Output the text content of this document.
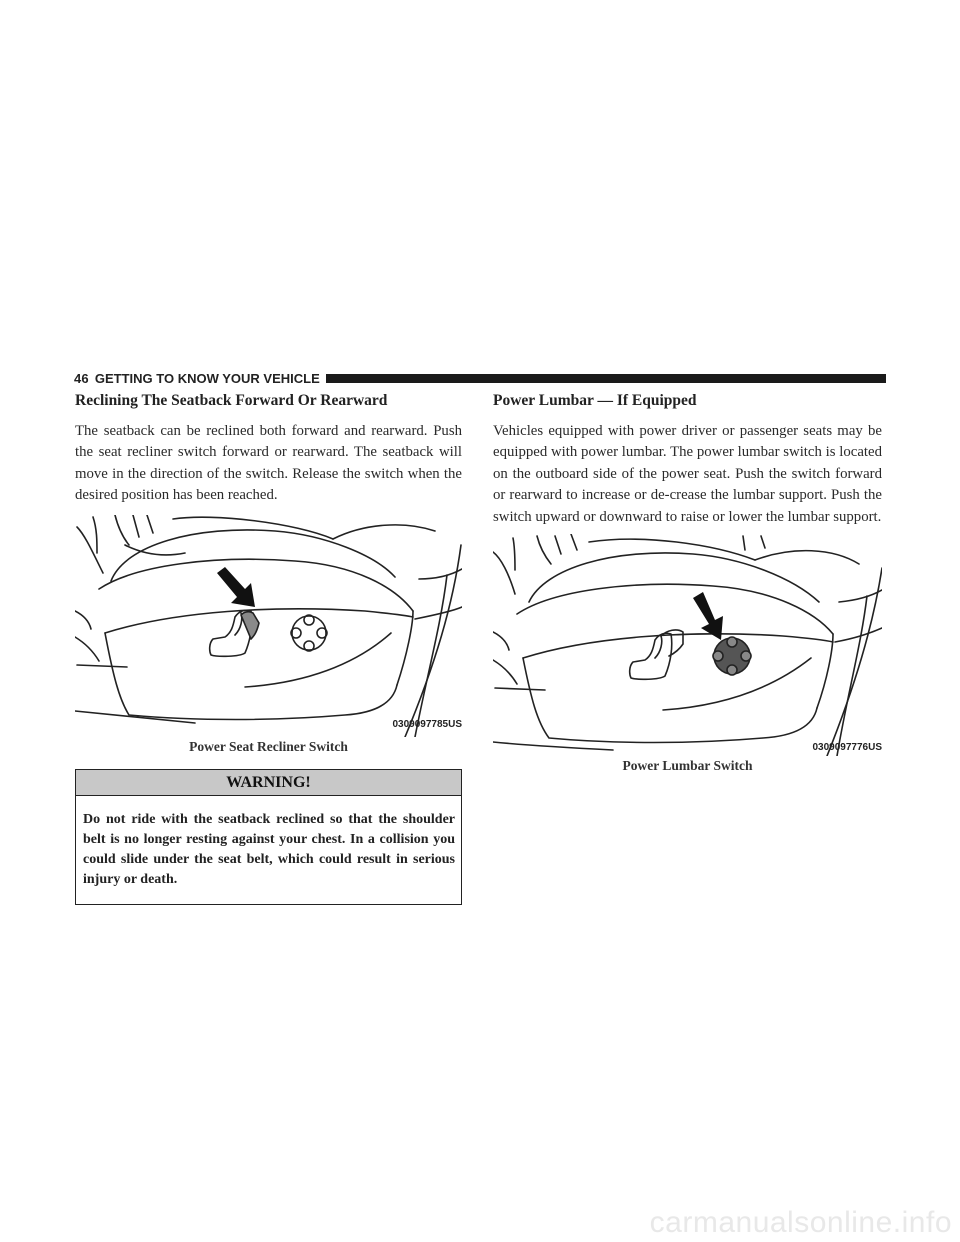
46 GETTING TO KNOW YOUR VEHICLE
Reclining The Seatback Forward Or Rearward

The seatback can be reclined both forward and rearward. Push the seat recliner switch forward or rearward. The seatback will move in the direction of the switch. Release the switch when the desired position has been reached.

0309097785US
Power Seat Recliner Switch
WARNING!
Do not ride with the seatback reclined so that the shoulder belt is no longer resting against your chest. In a collision you could slide under the seat belt, which could result in serious injury or death.
Power Lumbar — If Equipped

Vehicles equipped with power driver or passenger seats may be equipped with power lumbar. The power lumbar switch is located on the outboard side of the power seat. Push the switch forward or rearward to increase or de-crease the lumbar support. Push the switch upward or downward to raise or lower the lumbar support.

0309097776US
Power Lumbar Switch
carmanualsonline.info
